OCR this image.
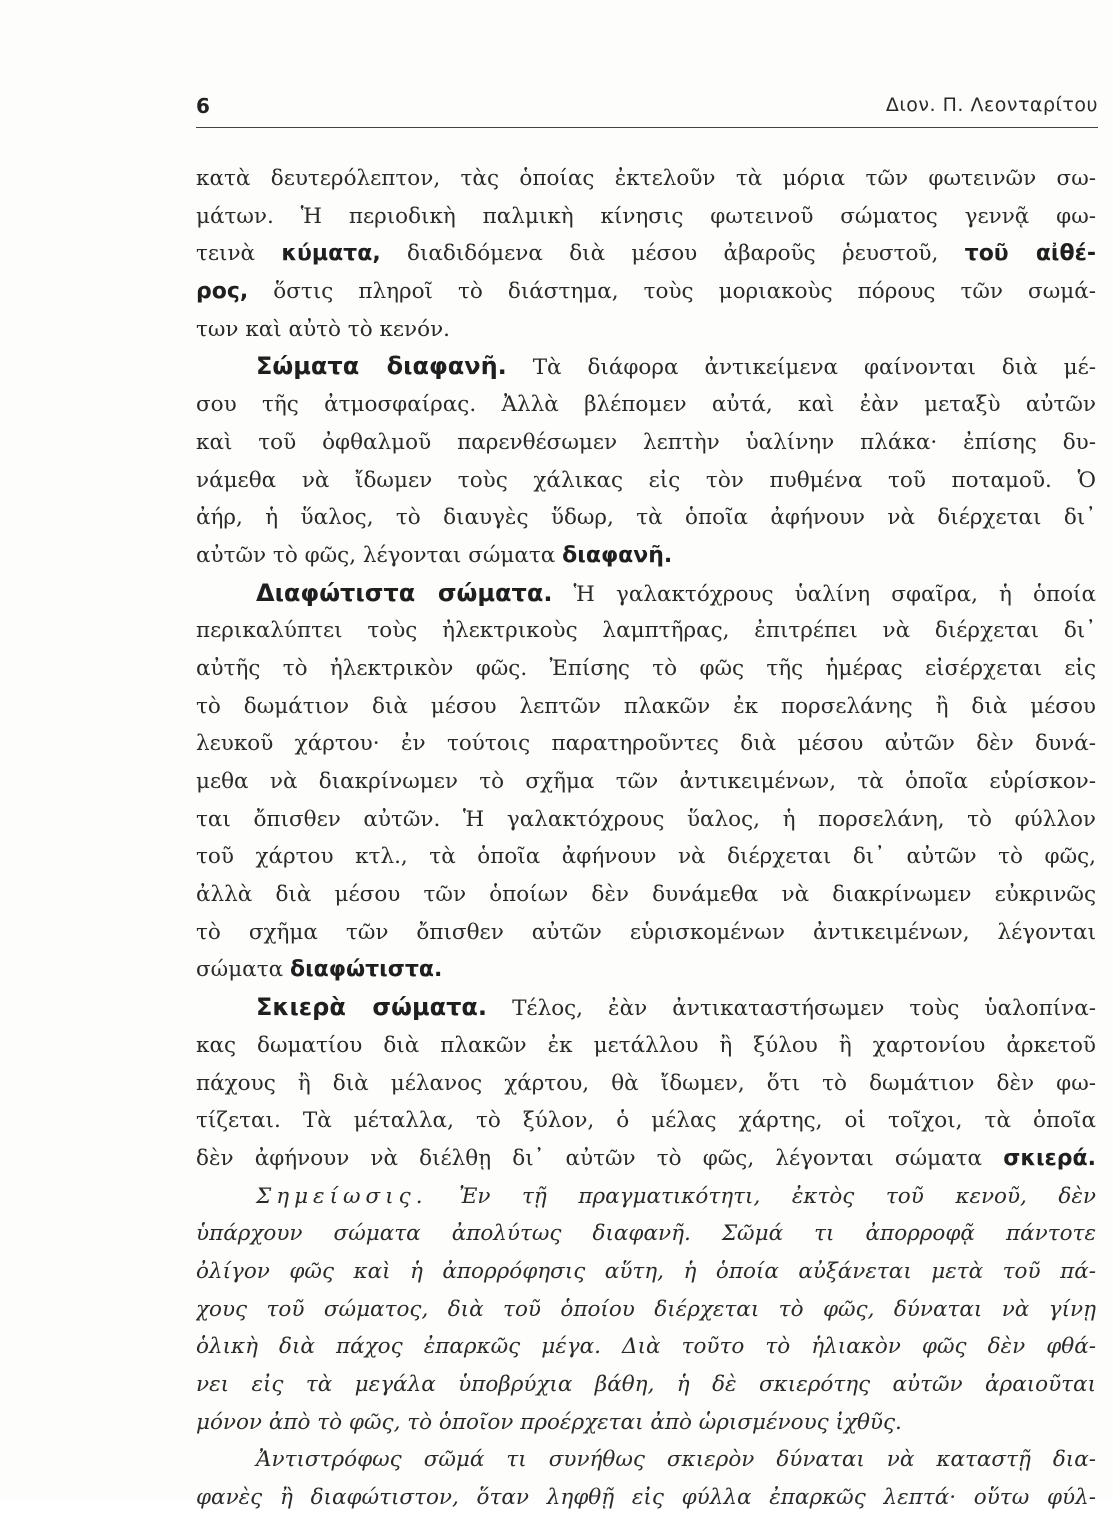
6	Διον. Π. Λεονταρίτου
κατὰ δευτερόλεπτον, τὰς ὁποίας ἐκτελοῦν τὰ μόρια τῶν φωτεινῶν σω-
μάτων. Ἡ περιοδικὴ παλμικὴ κίνησις φωτεινοῦ σώματος γεννᾷ φω-
τεινὰ κύματα, διαδιδόμενα διὰ μέσου ἀβαροῦς ῥευστοῦ, τοῦ αἰθέ-
ρος, ὅστις πληροῖ τὸ διάστημα, τοὺς μοριακοὺς πόρους τῶν σωμά-
των καὶ αὐτὸ τὸ κενόν.
Σώματα διαφανῆ. Τὰ διάφορα ἀντικείμενα φαίνονται διὰ μέ-
σου τῆς ἀτμοσφαίρας. Ἀλλὰ βλέπομεν αὐτά, καὶ ἐὰν μεταξὺ αὐτῶν
καὶ τοῦ ὀφθαλμοῦ παρενθέσωμεν λεπτὴν ὑαλίνην πλάκα· ἐπίσης δυ-
νάμεθα νὰ ἴδωμεν τοὺς χάλικας εἰς τὸν πυθμένα τοῦ ποταμοῦ. Ὁ
ἀήρ, ἡ ὕαλος, τὸ διαυγὲς ὕδωρ, τὰ ὁποῖα ἀφήνουν νὰ διέρχεται δι᾽
αὐτῶν τὸ φῶς, λέγονται σώματα διαφανῆ.
Διαφώτιστα σώματα. Ἡ γαλακτόχρους ὑαλίνη σφαῖρα, ἡ ὁποία
περικαλύπτει τοὺς ἠλεκτρικοὺς λαμπτῆρας, ἐπιτρέπει νὰ διέρχεται δι᾽
αὐτῆς τὸ ἠλεκτρικὸν φῶς. Ἐπίσης τὸ φῶς τῆς ἡμέρας εἰσέρχεται εἰς
τὸ δωμάτιον διὰ μέσου λεπτῶν πλακῶν ἐκ πορσελάνης ἢ διὰ μέσου
λευκοῦ χάρτου· ἐν τούτοις παρατηροῦντες διὰ μέσου αὐτῶν δὲν δυνά-
μεθα νὰ διακρίνωμεν τὸ σχῆμα τῶν ἀντικειμένων, τὰ ὁποῖα εὑρίσκον-
ται ὄπισθεν αὐτῶν. Ἡ γαλακτόχρους ὕαλος, ἡ πορσελάνη, τὸ φύλλον
τοῦ χάρτου κτλ., τὰ ὁποῖα ἀφήνουν νὰ διέρχεται δι᾽ αὐτῶν τὸ φῶς,
ἀλλὰ διὰ μέσου τῶν ὁποίων δὲν δυνάμεθα νὰ διακρίνωμεν εὐκρινῶς
τὸ σχῆμα τῶν ὄπισθεν αὐτῶν εὑρισκομένων ἀντικειμένων, λέγονται
σώματα διαφώτιστα.
Σκιερὰ σώματα. Τέλος, ἐὰν ἀντικαταστήσωμεν τοὺς ὑαλοπίνα-
κας δωματίου διὰ πλακῶν ἐκ μετάλλου ἢ ξύλου ἢ χαρτονίου ἀρκετοῦ
πάχους ἢ διὰ μέλανος χάρτου, θὰ ἴδωμεν, ὅτι τὸ δωμάτιον δὲν φω-
τίζεται. Τὰ μέταλλα, τὸ ξύλον, ὁ μέλας χάρτης, οἱ τοῖχοι, τὰ ὁποῖα
δὲν ἀφήνουν νὰ διέλθῃ δι᾽ αὐτῶν τὸ φῶς, λέγονται σώματα σκιερά.
Σημείωσις. Ἐν τῇ πραγματικότητι, ἐκτὸς τοῦ κενοῦ, δὲν
ὑπάρχουν σώματα ἀπολύτως διαφανῆ. Σῶμά τι ἀπορροφᾷ πάντοτε
ὀλίγον φῶς καὶ ἡ ἀπορρόφησις αὕτη, ἡ ὁποία αὐξάνεται μετὰ τοῦ πά-
χους τοῦ σώματος, διὰ τοῦ ὁποίου διέρχεται τὸ φῶς, δύναται νὰ γίνῃ
ὁλικὴ διὰ πάχος ἐπαρκῶς μέγα. Διὰ τοῦτο τὸ ἡλιακὸν φῶς δὲν φθά-
νει εἰς τὰ μεγάλα ὑποβρύχια βάθη, ἡ δὲ σκιερότης αὐτῶν ἀραιοῦται
μόνον ἀπὸ τὸ φῶς, τὸ ὁποῖον προέρχεται ἀπὸ ὡρισμένους ἰχθῦς.
Ἀντιστρόφως σῶμά τι συνήθως σκιερὸν δύναται νὰ καταστῇ δια-
φανὲς ἢ διαφώτιστον, ὅταν ληφθῇ εἰς φύλλα ἐπαρκῶς λεπτά· οὕτω φύλ-
